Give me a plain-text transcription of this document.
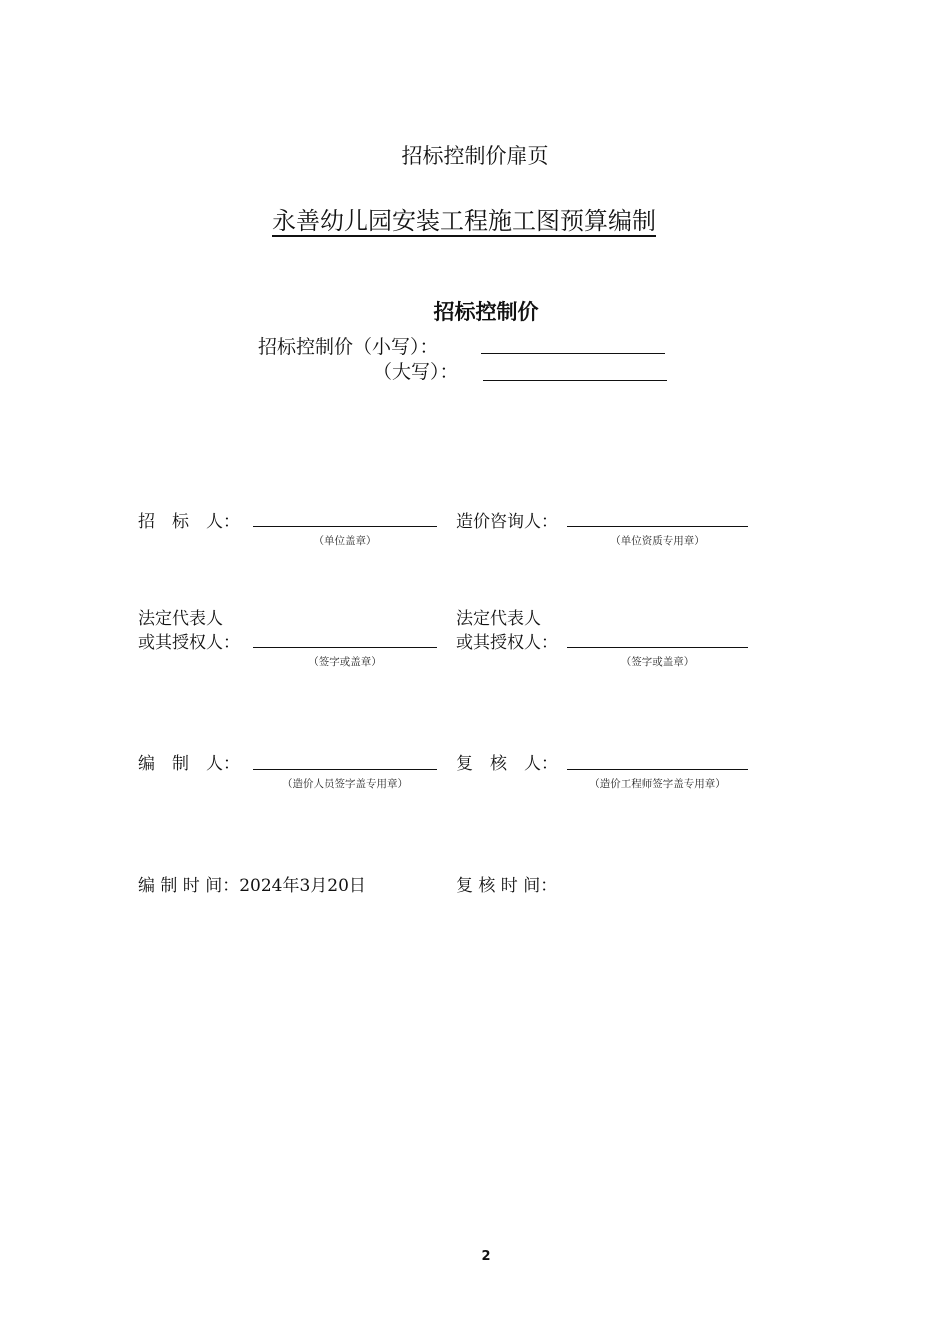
招标控制价扉页
永善幼儿园安装工程施工图预算编制
招标控制价
招标控制价（小写）：
（大写）：
招　标　人：
（单位盖章）
造价咨询人：
（单位资质专用章）
法定代表人
或其授权人：
（签字或盖章）
法定代表人
或其授权人：
（签字或盖章）
编　制　人：
（造价人员签字盖专用章）
复　核　人：
（造价工程师签字盖专用章）
编 制 时 间：2024年3月20日	复 核 时 间：
2
